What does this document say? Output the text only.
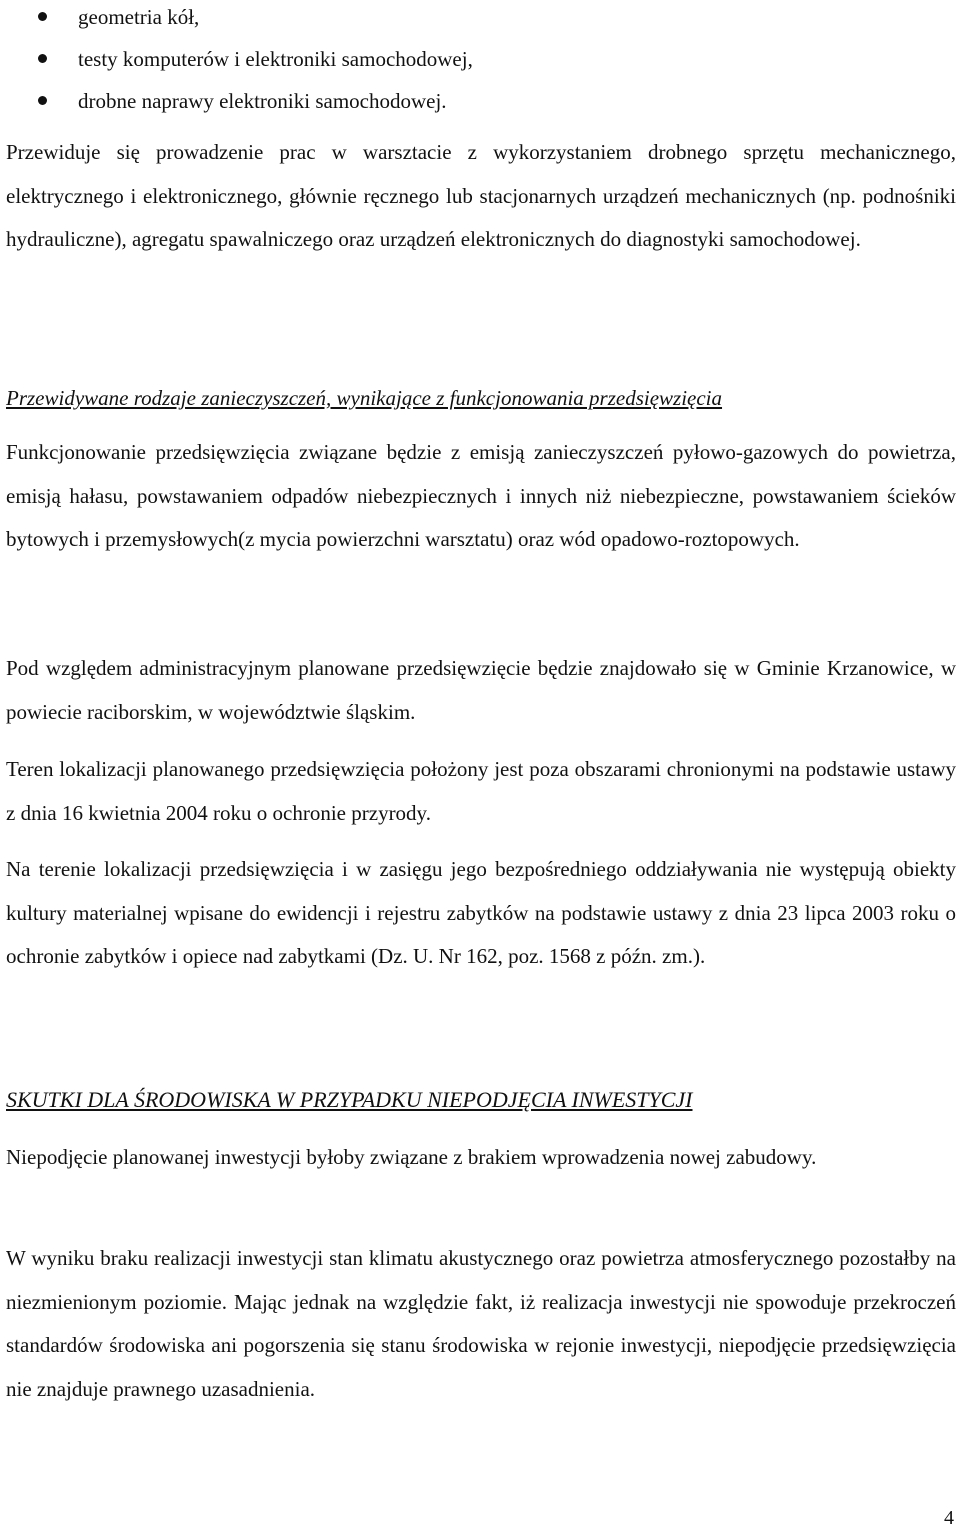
geometria kół,
testy komputerów i elektroniki samochodowej,
drobne naprawy elektroniki samochodowej.

Przewiduje się prowadzenie prac w warsztacie z wykorzystaniem drobnego sprzętu mechanicznego, elektrycznego i elektronicznego, głównie ręcznego lub stacjonarnych urządzeń mechanicznych (np. podnośniki hydrauliczne), agregatu spawalniczego oraz urządzeń elektronicznych do diagnostyki samochodowej.

Przewidywane rodzaje zanieczyszczeń, wynikające z funkcjonowania przedsięwzięcia

Funkcjonowanie przedsięwzięcia związane będzie z emisją zanieczyszczeń pyłowo-gazowych do powietrza, emisją hałasu, powstawaniem odpadów niebezpiecznych i innych niż niebezpieczne, powstawaniem ścieków bytowych i przemysłowych(z mycia powierzchni warsztatu) oraz wód opadowo-roztopowych.

Pod względem administracyjnym planowane przedsięwzięcie będzie znajdowało się w Gminie Krzanowice, w powiecie raciborskim, w województwie śląskim.

Teren lokalizacji planowanego przedsięwzięcia położony jest poza obszarami chronionymi na podstawie ustawy z dnia 16 kwietnia 2004 roku o ochronie przyrody.

Na terenie lokalizacji przedsięwzięcia i w zasięgu jego bezpośredniego oddziaływania nie występują obiekty kultury materialnej wpisane do ewidencji i rejestru zabytków na podstawie ustawy z dnia 23 lipca 2003 roku o ochronie zabytków i opiece nad zabytkami (Dz. U. Nr 162, poz. 1568 z późn. zm.).

SKUTKI DLA ŚRODOWISKA W PRZYPADKU NIEPODJĘCIA INWESTYCJI

Niepodjęcie planowanej inwestycji byłoby związane z brakiem wprowadzenia nowej zabudowy.

W wyniku braku realizacji inwestycji stan klimatu akustycznego oraz powietrza atmosferycznego pozostałby na niezmienionym poziomie. Mając jednak na względzie fakt, iż realizacja inwestycji nie spowoduje przekroczeń standardów środowiska ani pogorszenia się stanu środowiska w rejonie inwestycji, niepodjęcie przedsięwzięcia nie znajduje prawnego uzasadnienia.

4
